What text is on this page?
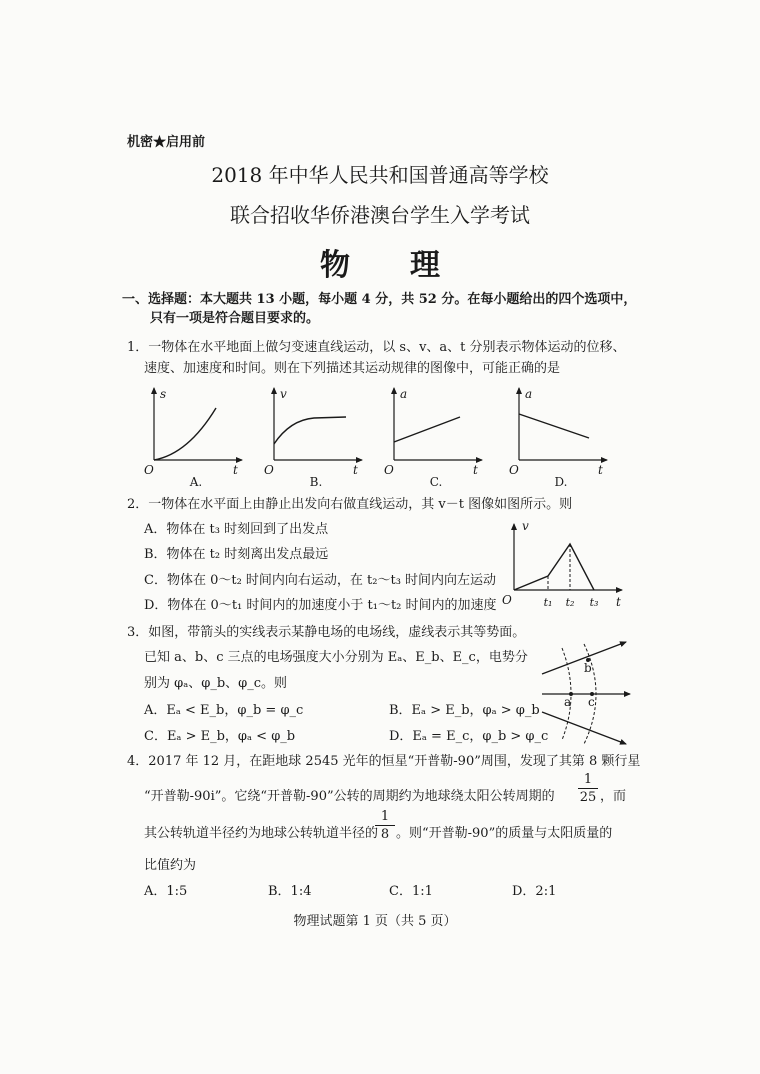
机密★启用前
2018 年中华人民共和国普通高等学校
联合招收华侨港澳台学生入学考试
物　　理
一、选择题：本大题共 13 小题，每小题 4 分，共 52 分。在每小题给出的四个选项中，
只有一项是符合题目要求的。
1．一物体在水平地面上做匀变速直线运动，以 s、v、a、t 分别表示物体运动的位移、
速度、加速度和时间。则在下列描述其运动规律的图像中，可能正确的是
s
O	t
A.
v
O	t
B.
a
O	t
C.
a
O	t
D.
2．一物体在水平面上由静止出发向右做直线运动，其 v－t 图像如图所示。则
A．物体在 t₃ 时刻回到了出发点
B．物体在 t₂ 时刻离出发点最远
C．物体在 0～t₂ 时间内向右运动，在 t₂～t₃ 时间内向左运动
D．物体在 0～t₁ 时间内的加速度小于 t₁～t₂ 时间内的加速度
v
O	t₁ t₂ t₃ t
3．如图，带箭头的实线表示某静电场的电场线，虚线表示其等势面。
已知 a、b、c 三点的电场强度大小分别为 Eₐ、E_b、E_c，电势分
别为 φₐ、φ_b、φ_c。则
A．Eₐ < E_b，φ_b = φ_c	B．Eₐ > E_b，φₐ > φ_b
C．Eₐ > E_b，φₐ < φ_b	D．Eₐ = E_c，φ_b > φ_c
a
b
c
4．2017 年 12 月，在距地球 2545 光年的恒星“开普勒-90”周围，发现了其第 8 颗行星
“开普勒-90i”。它绕“开普勒-90”公转的周期约为地球绕太阳公转周期的
1
25 ，而
其公转轨道半径约为地球公转轨道半径的
1
8 。则“开普勒-90”的质量与太阳质量的
比值约为
A．1:5	B．1:4	C．1:1	D．2:1
物理试题第 1 页（共 5 页）
